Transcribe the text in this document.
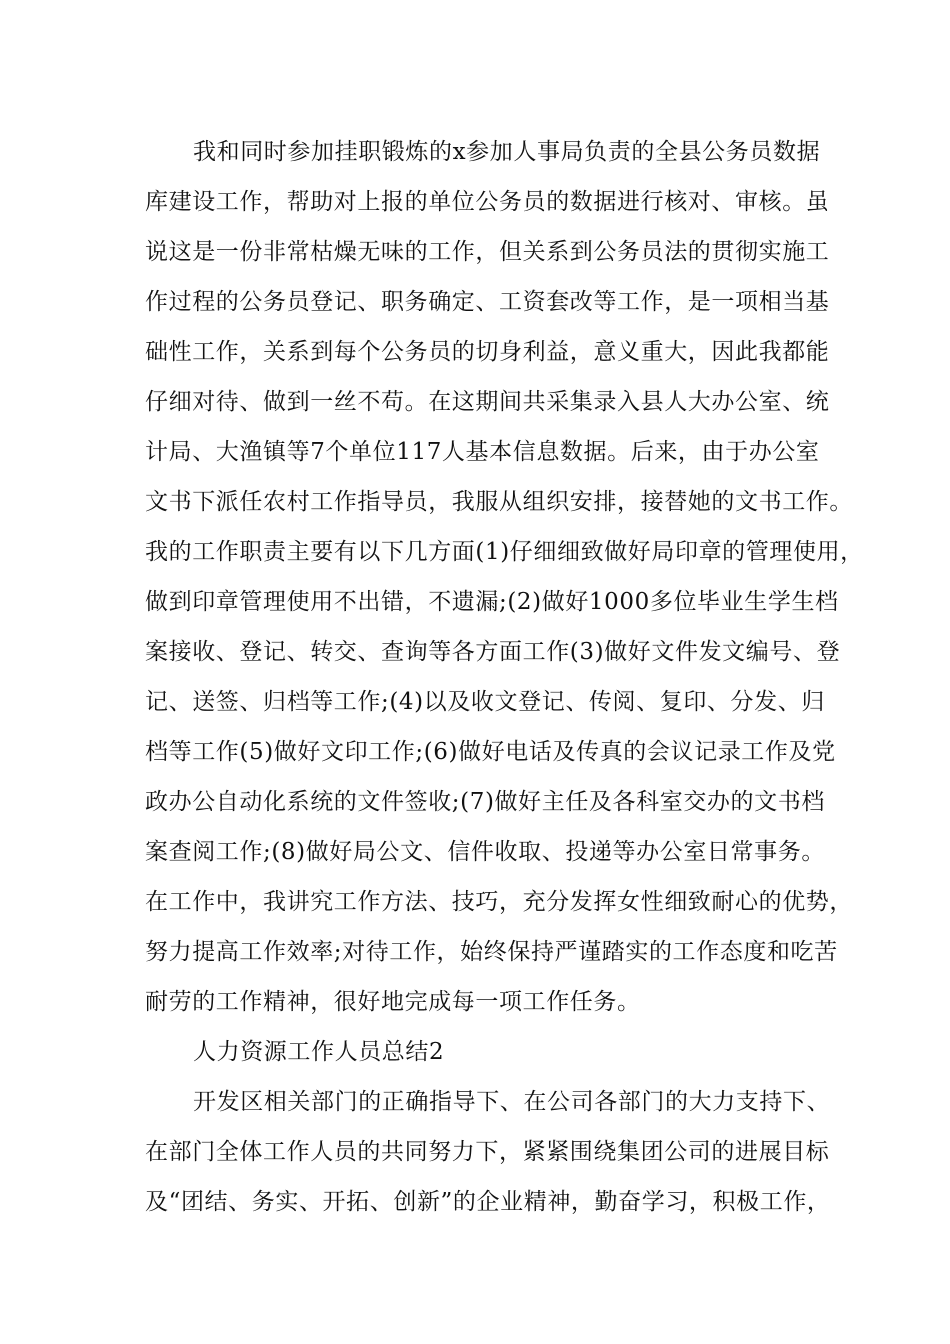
我和同时参加挂职锻炼的x参加人事局负责的全县公务员数据
库建设工作，帮助对上报的单位公务员的数据进行核对、审核。虽
说这是一份非常枯燥无味的工作，但关系到公务员法的贯彻实施工
作过程的公务员登记、职务确定、工资套改等工作，是一项相当基
础性工作，关系到每个公务员的切身利益，意义重大，因此我都能
仔细对待、做到一丝不苟。在这期间共采集录入县人大办公室、统
计局、大渔镇等7个单位117人基本信息数据。后来，由于办公室
文书下派任农村工作指导员，我服从组织安排，接替她的文书工作。
我的工作职责主要有以下几方面(1)仔细细致做好局印章的管理使用，
做到印章管理使用不出错，不遗漏;(2)做好1000多位毕业生学生档
案接收、登记、转交、查询等各方面工作(3)做好文件发文编号、登
记、送签、归档等工作;(4)以及收文登记、传阅、复印、分发、归
档等工作(5)做好文印工作;(6)做好电话及传真的会议记录工作及党
政办公自动化系统的文件签收;(7)做好主任及各科室交办的文书档
案查阅工作;(8)做好局公文、信件收取、投递等办公室日常事务。
在工作中，我讲究工作方法、技巧，充分发挥女性细致耐心的优势，
努力提高工作效率;对待工作，始终保持严谨踏实的工作态度和吃苦
耐劳的工作精神，很好地完成每一项工作任务。
人力资源工作人员总结2
开发区相关部门的正确指导下、在公司各部门的大力支持下、
在部门全体工作人员的共同努力下，紧紧围绕集团公司的进展目标
及“团结、务实、开拓、创新”的企业精神，勤奋学习，积极工作，
